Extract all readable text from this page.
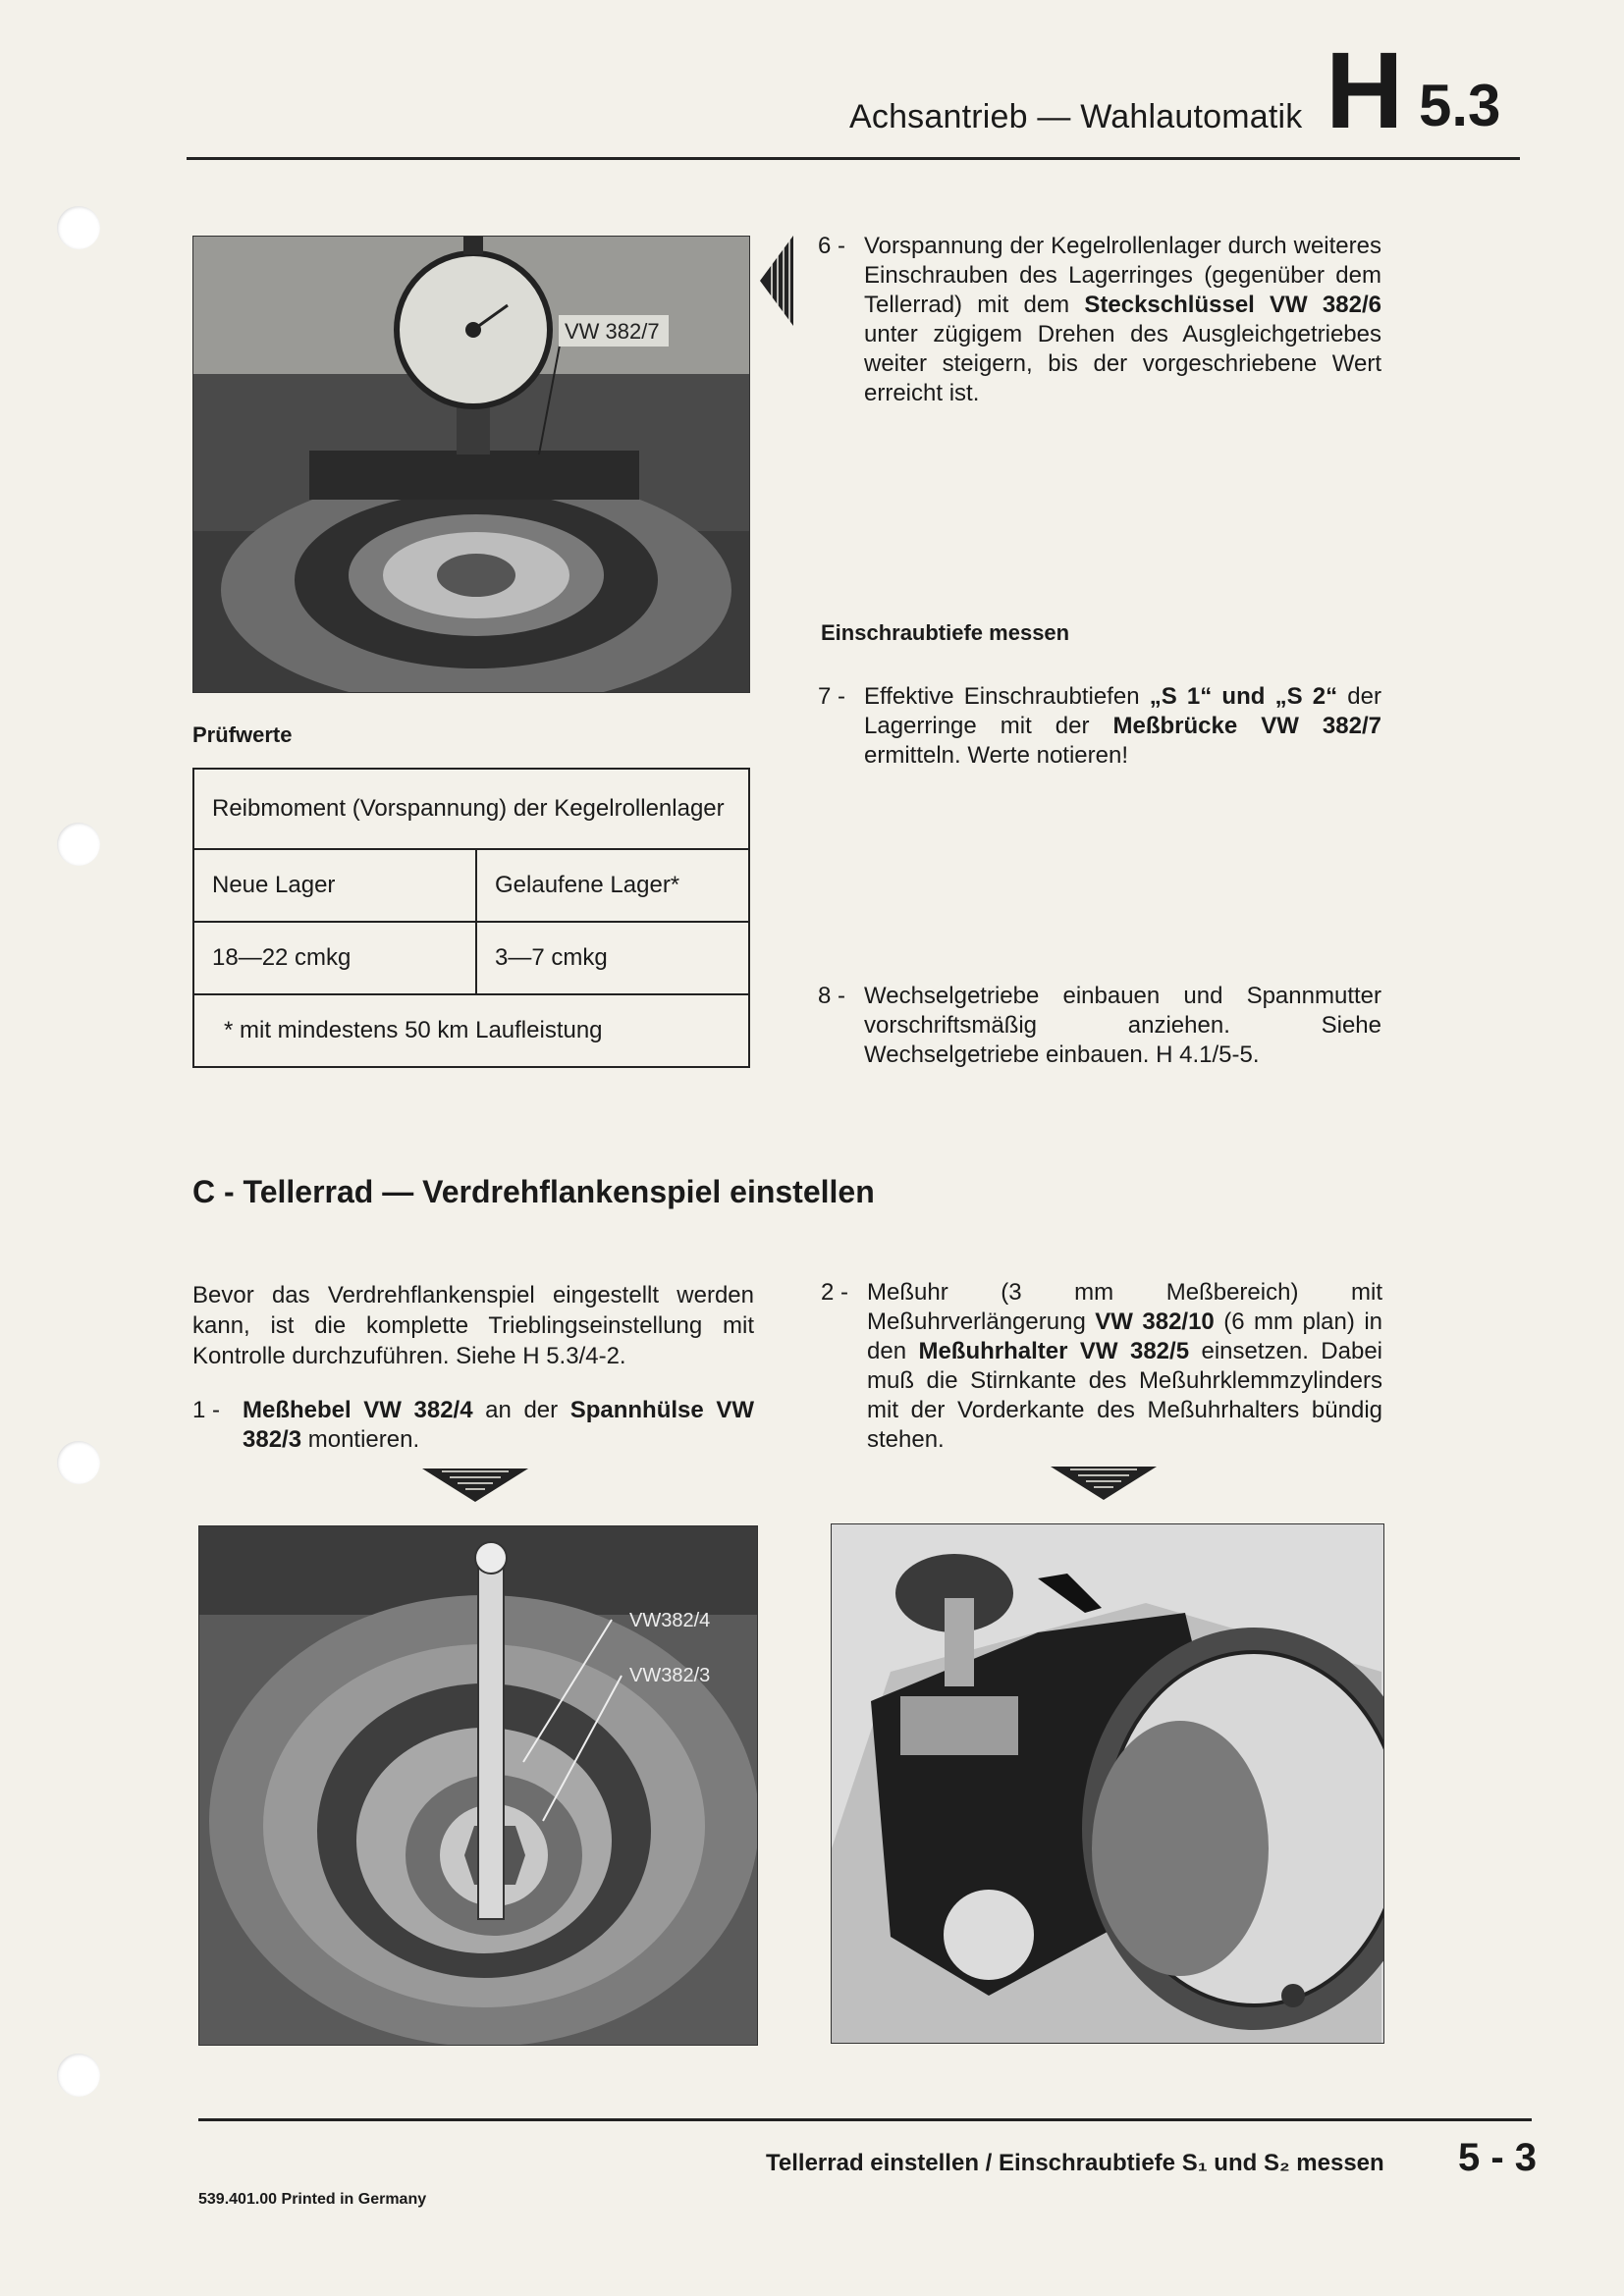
Achsantrieb — Wahlautomatik H 5.3
VW 382/7
6 - Vorspannung der Kegelrollenlager durch weiteres Einschrauben des Lagerringes (gegenüber dem Tellerrad) mit dem Steckschlüssel VW 382/6 unter zügigem Drehen des Ausgleichgetriebes weiter steigern, bis der vorgeschriebene Wert erreicht ist.
Einschraubtiefe messen
7 - Effektive Einschraubtiefen „S 1“ und „S 2“ der Lagerringe mit der Meßbrücke VW 382/7 ermitteln. Werte notieren!
Prüfwerte
Reibmoment (Vorspannung) der Kegelrollenlager	
Neue Lager	Gelaufene Lager*
18—22 cmkg	3—7 cmkg
* mit mindestens 50 km Laufleistung	
8 - Wechselgetriebe einbauen und Spannmutter vorschriftsmäßig anziehen. Siehe Wechselgetriebe einbauen. H 4.1/5-5.
C - Tellerrad — Verdrehflankenspiel einstellen
Bevor das Verdrehflankenspiel eingestellt werden kann, ist die komplette Trieblingseinstellung mit Kontrolle durchzuführen. Siehe H 5.3/4-2.
1 - Meßhebel VW 382/4 an der Spannhülse VW 382/3 montieren.
2 - Meßuhr (3 mm Meßbereich) mit Meßuhrverlängerung VW 382/10 (6 mm plan) in den Meßuhrhalter VW 382/5 einsetzen. Dabei muß die Stirnkante des Meßuhrklemmzylinders mit der Vorderkante des Meßuhrhalters bündig stehen.
VW382/4
VW382/3
539.401.00 Printed in Germany
Tellerrad einstellen / Einschraubtiefe S₁ und S₂ messen 5 - 3
